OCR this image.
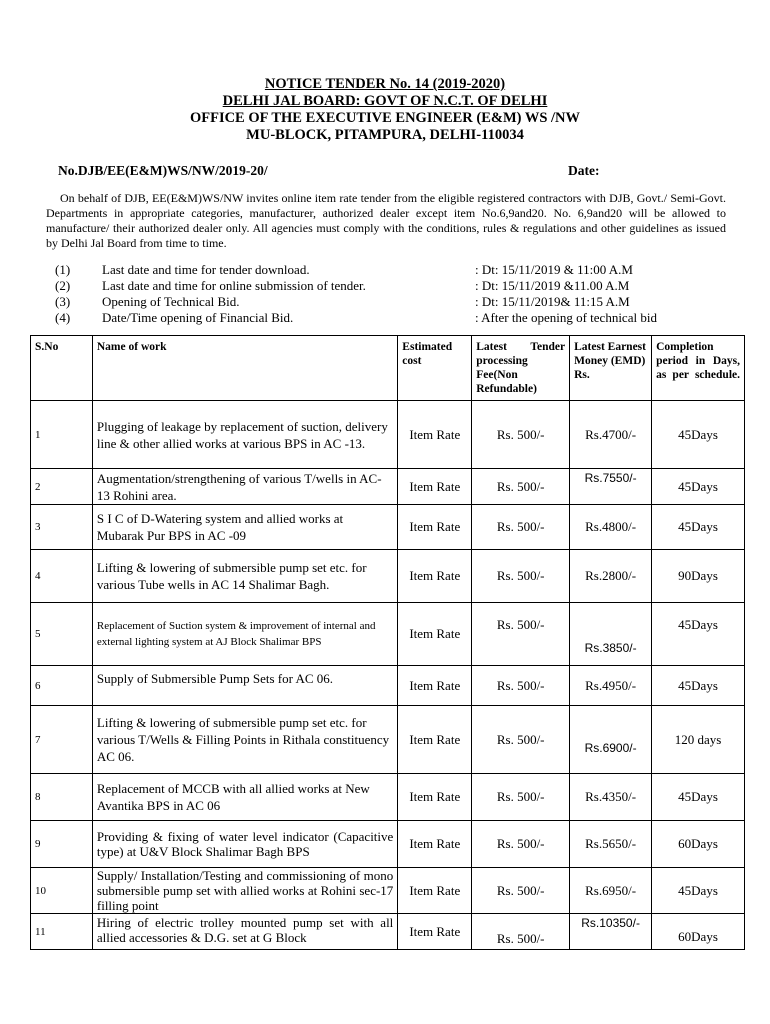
NOTICE TENDER No. 14 (2019-2020)
DELHI JAL BOARD: GOVT OF N.C.T. OF DELHI
OFFICE OF THE EXECUTIVE ENGINEER (E&M) WS /NW
MU-BLOCK, PITAMPURA, DELHI-110034
No.DJB/EE(E&M)WS/NW/2019-20/	Date:
On behalf of DJB, EE(E&M)WS/NW invites online item rate tender from the eligible registered contractors with DJB, Govt./ Semi-Govt. Departments in appropriate categories, manufacturer, authorized dealer except item No.6,9and20. No. 6,9and20 will be allowed to manufacture/ their authorized dealer only. All agencies must comply with the conditions, rules & regulations and other guidelines as issued by Delhi Jal Board from time to time.
(1) Last date and time for tender download.	: Dt: 15/11/2019 & 11:00 A.M
(2) Last date and time for online submission of tender.	: Dt: 15/11/2019 &11.00 A.M
(3) Opening of Technical Bid.	: Dt: 15/11/2019& 11:15 A.M
(4) Date/Time opening of Financial Bid.	: After the opening of technical bid
S.No	Name of work	Estimated cost	Latest Tender processing Fee(Non Refundable)	Latest Earnest Money (EMD) Rs.	Completion period in Days, as per schedule.
1	Plugging of leakage by replacement of suction, delivery line & other allied works at various BPS in AC -13.	Item Rate	Rs. 500/-	Rs.4700/-	45Days
2	Augmentation/strengthening of various T/wells in AC-13 Rohini area.	Item Rate	Rs. 500/-	Rs.7550/-	45Days
3	S I C of D-Watering system and allied works at Mubarak Pur BPS in AC -09	Item Rate	Rs. 500/-	Rs.4800/-	45Days
4	Lifting & lowering of submersible pump set etc. for various Tube wells in AC 14 Shalimar Bagh.	Item Rate	Rs. 500/-	Rs.2800/-	90Days
5	Replacement of Suction system & improvement of internal and external lighting system at AJ Block Shalimar BPS	Item Rate	Rs. 500/-	Rs.3850/-	45Days
6	Supply of Submersible Pump Sets for AC 06.	Item Rate	Rs. 500/-	Rs.4950/-	45Days
7	Lifting & lowering of submersible pump set etc. for various T/Wells & Filling Points in Rithala constituency AC 06.	Item Rate	Rs. 500/-	Rs.6900/-	120 days
8	Replacement of MCCB with all allied works at New Avantika BPS in AC 06	Item Rate	Rs. 500/-	Rs.4350/-	45Days
9	Providing & fixing of water level indicator (Capacitive type) at U&V Block Shalimar Bagh BPS	Item Rate	Rs. 500/-	Rs.5650/-	60Days
10	Supply/ Installation/Testing and commissioning of mono submersible pump set with allied works at Rohini sec-17 filling point	Item Rate	Rs. 500/-	Rs.6950/-	45Days
11	Hiring of electric trolley mounted pump set with all allied accessories & D.G. set at G Block	Item Rate	Rs. 500/-	Rs.10350/-	60Days
